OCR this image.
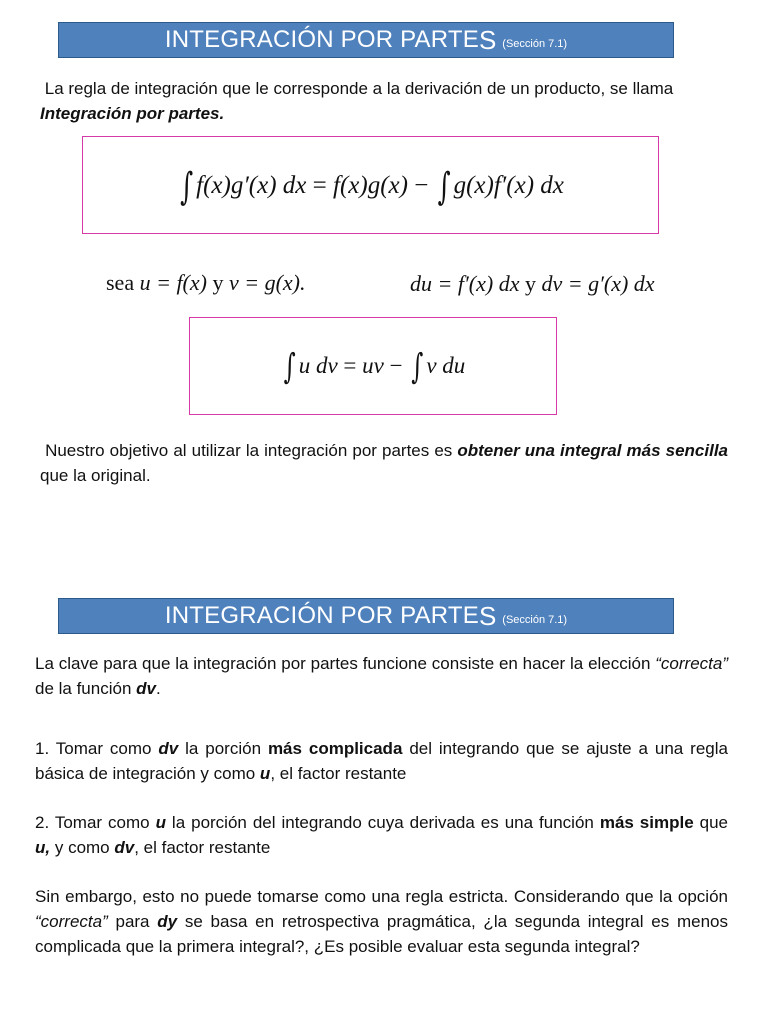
INTEGRACIÓN POR PARTE S (Sección 7.1)
La regla de integración que le corresponde a la derivación de un producto, se llama Integración por partes.
∫ f(x)g′(x) dx = f(x)g(x) − ∫ g(x)f′(x) dx
sea u = f(x) y v = g(x).	du = f′(x) dx y dv = g′(x) dx
∫ u dv = uv − ∫ v du
Nuestro objetivo al utilizar la integración por partes es obtener una integral más sencilla que la original.
INTEGRACIÓN POR PARTE S (Sección 7.1)
La clave para que la integración por partes funcione consiste en hacer la elección “correcta” de la función dv.
1. Tomar como dv la porción más complicada del integrando que se ajuste a una regla básica de integración y como u, el factor restante
2. Tomar como u la porción del integrando cuya derivada es una función más simple que u, y como dv, el factor restante
Sin embargo, esto no puede tomarse como una regla estricta. Considerando que la opción “correcta” para dy se basa en retrospectiva pragmática, ¿la segunda integral es menos complicada que la primera integral?, ¿Es posible evaluar esta segunda integral?
